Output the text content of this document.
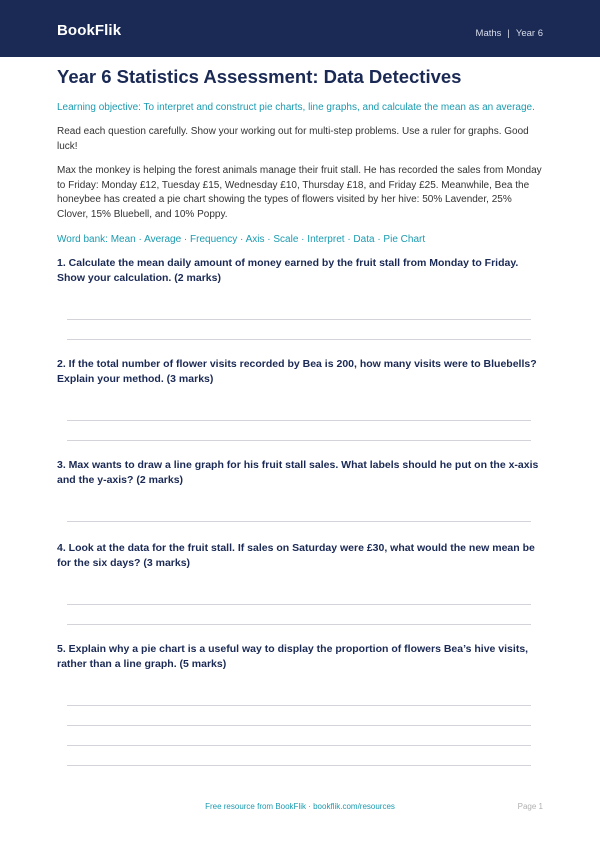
BookFlik	Maths | Year 6
Year 6 Statistics Assessment: Data Detectives

Learning objective: To interpret and construct pie charts, line graphs, and calculate the mean as an average.

Read each question carefully. Show your working out for multi-step problems. Use a ruler for graphs. Good luck!

Max the monkey is helping the forest animals manage their fruit stall. He has recorded the sales from Monday to Friday: Monday £12, Tuesday £15, Wednesday £10, Thursday £18, and Friday £25. Meanwhile, Bea the honeybee has created a pie chart showing the types of flowers visited by her hive: 50% Lavender, 25% Clover, 15% Bluebell, and 10% Poppy.

Word bank: Mean · Average · Frequency · Axis · Scale · Interpret · Data · Pie Chart

1. Calculate the mean daily amount of money earned by the fruit stall from Monday to Friday. Show your calculation. (2 marks)

2. If the total number of flower visits recorded by Bea is 200, how many visits were to Bluebells? Explain your method. (3 marks)

3. Max wants to draw a line graph for his fruit stall sales. What labels should he put on the x-axis and the y-axis? (2 marks)

4. Look at the data for the fruit stall. If sales on Saturday were £30, what would the new mean be for the six days? (3 marks)

5. Explain why a pie chart is a useful way to display the proportion of flowers Bea’s hive visits, rather than a line graph. (5 marks)

Free resource from BookFlik · bookflik.com/resources	Page 1
